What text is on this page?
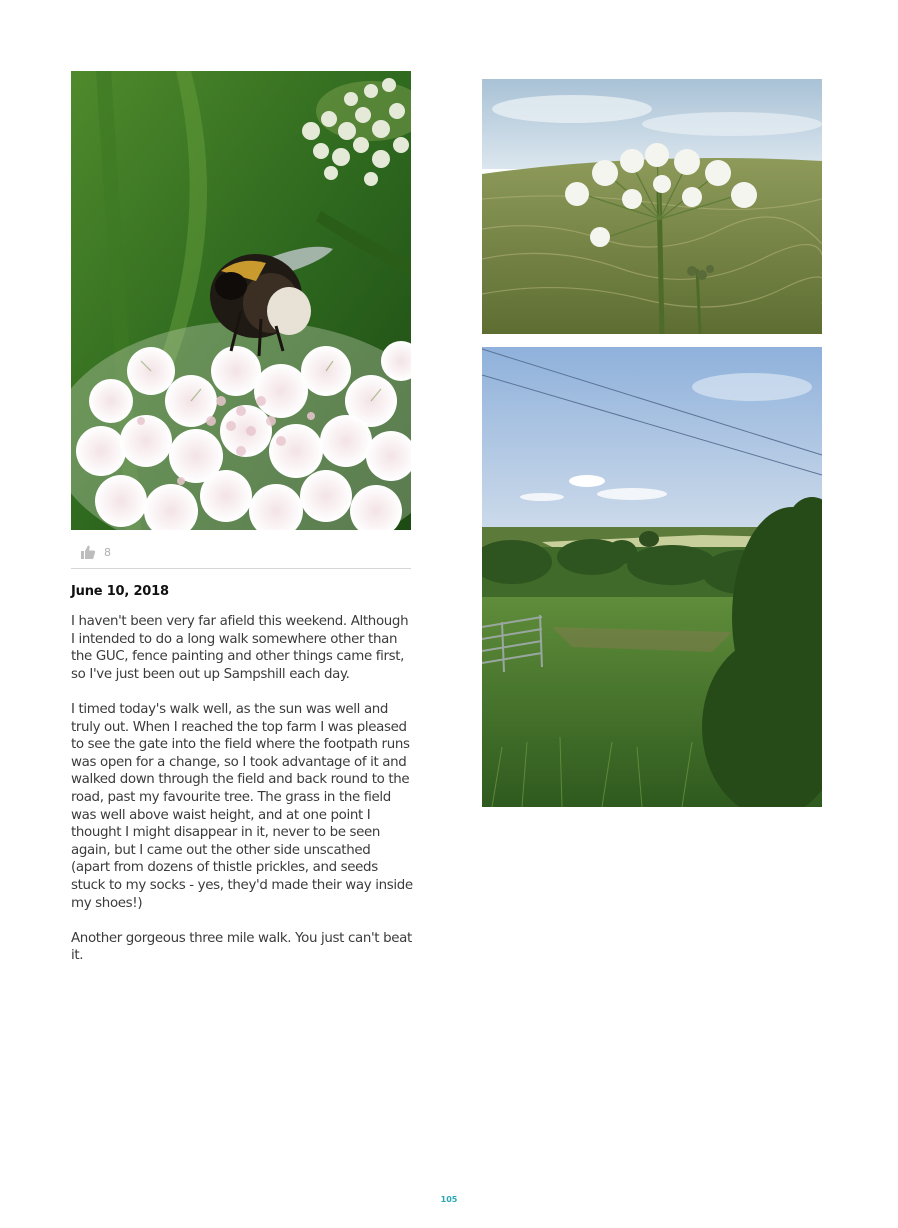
8
June 10, 2018

I haven't been very far afield this weekend. Although I intended to do a long walk somewhere other than the GUC, fence painting and other things came first, so I've just been out up Sampshill each day.

I timed today's walk well, as the sun was well and truly out. When I reached the top farm I was pleased to see the gate into the field where the footpath runs was open for a change, so I took advantage of it and walked down through the field and back round to the road, past my favourite tree. The grass in the field was well above waist height, and at one point I thought I might disappear in it, never to be seen again, but I came out the other side unscathed (apart from dozens of thistle prickles, and seeds stuck to my socks - yes, they'd made their way inside my shoes!)

Another gorgeous three mile walk. You just can't beat it.

105
